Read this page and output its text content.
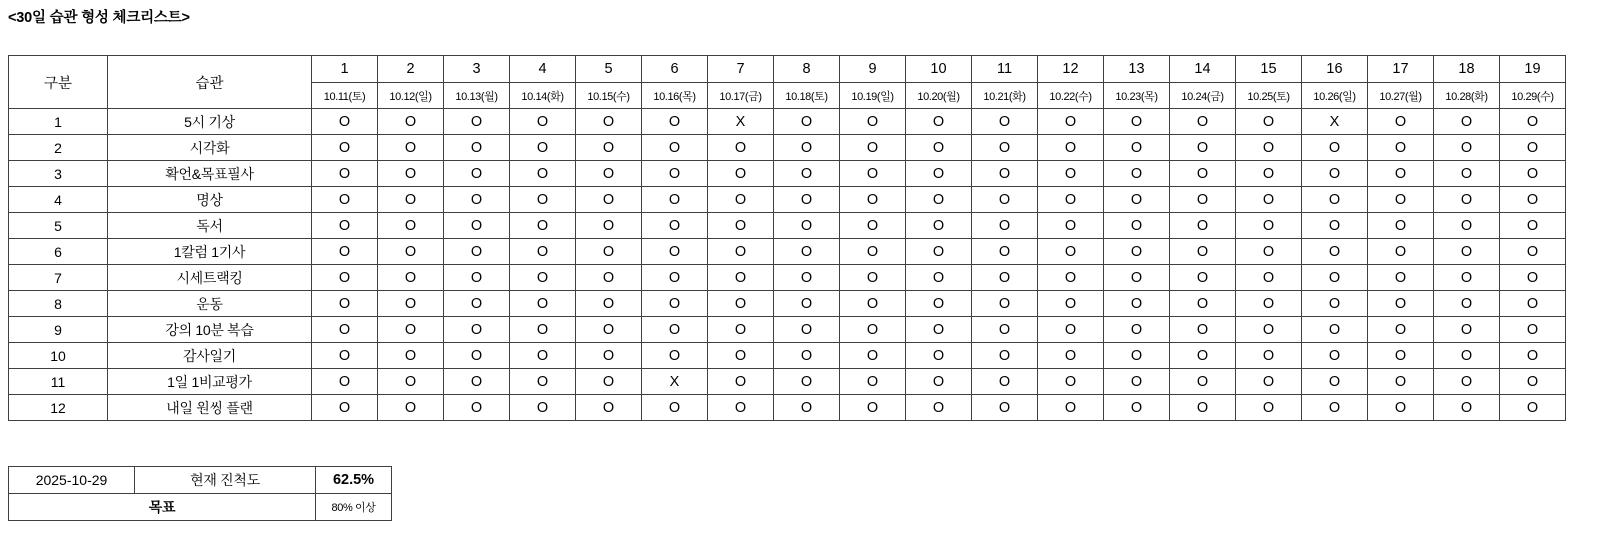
<30일 습관 형성 체크리스트>
구분	습관	1	2	3	4	5	6	7	8	9	10	11	12	13	14	15	16	17	18	19
		10.11(토)	10.12(일)	10.13(월)	10.14(화)	10.15(수)	10.16(목)	10.17(금)	10.18(토)	10.19(일)	10.20(월)	10.21(화)	10.22(수)	10.23(목)	10.24(금)	10.25(토)	10.26(일)	10.27(월)	10.28(화)	10.29(수)
1	5시 기상	O	O	O	O	O	O	X	O	O	O	O	O	O	O	O	X	O	O	O
2	시각화	O	O	O	O	O	O	O	O	O	O	O	O	O	O	O	O	O	O	O
3	확언&목표필사	O	O	O	O	O	O	O	O	O	O	O	O	O	O	O	O	O	O	O
4	명상	O	O	O	O	O	O	O	O	O	O	O	O	O	O	O	O	O	O	O
5	독서	O	O	O	O	O	O	O	O	O	O	O	O	O	O	O	O	O	O	O
6	1칼럼 1기사	O	O	O	O	O	O	O	O	O	O	O	O	O	O	O	O	O	O	O
7	시세트랙킹	O	O	O	O	O	O	O	O	O	O	O	O	O	O	O	O	O	O	O
8	운동	O	O	O	O	O	O	O	O	O	O	O	O	O	O	O	O	O	O	O
9	강의 10분 복습	O	O	O	O	O	O	O	O	O	O	O	O	O	O	O	O	O	O	O
10	감사일기	O	O	O	O	O	O	O	O	O	O	O	O	O	O	O	O	O	O	O
11	1일 1비교평가	O	O	O	O	O	X	O	O	O	O	O	O	O	O	O	O	O	O	O
12	내일 원씽 플랜	O	O	O	O	O	O	O	O	O	O	O	O	O	O	O	O	O	O	O
2025-10-29	현재 진척도	62.5%
목표		80% 이상
